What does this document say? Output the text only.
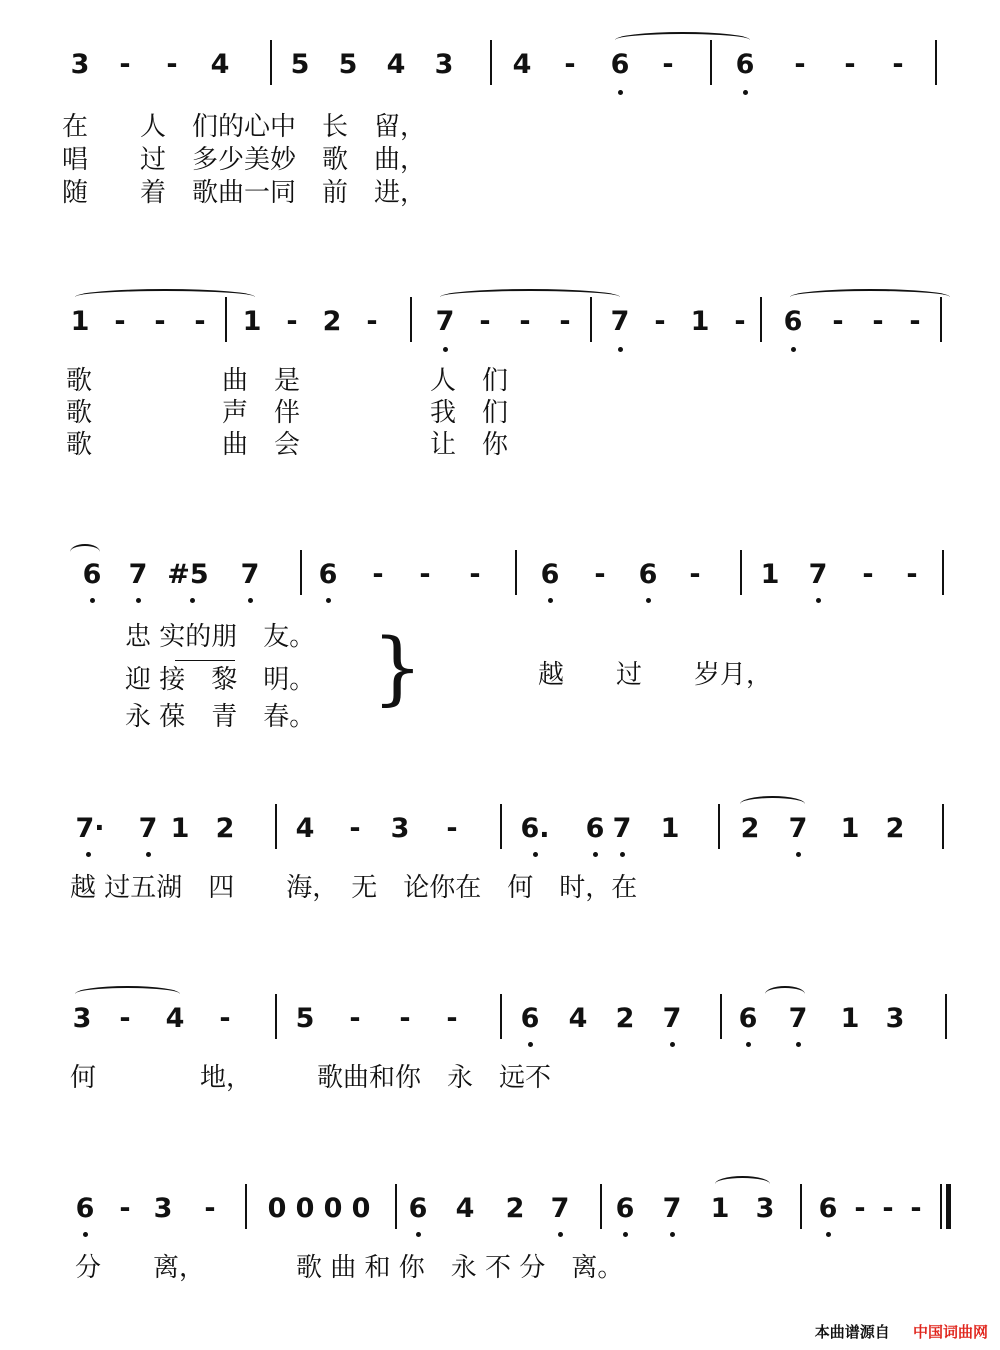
3 - - 4 5 5 4 3 4 - 6 - 6 - - -
在　　人　们的心中　长　留，
唱　　过　多少美妙　歌　曲，
随　　着　歌曲一同　前　进，
1 - - - 1 - 2 - 7 - - - 7 - 1 - 6 - - -
歌　　　　　曲　是　　　　　人　们
歌　　　　　声　伴　　　　　我　们
歌　　　　　曲　会　　　　　让　你
6 7 #5 7 6 - - - 6 - 6 - 1 7 - -
忠 实的朋　友。
迎 接　黎　明。
永 葆　青　春。
}	越　　过　　岁月，
7· 7 1 2 4 - 3 - 6. 6 7 1 2 7 1 2
越 过五湖　四　　海，　无　论你在　何　时，在
3 - 4 - 5 - - - 6 4 2 7 6 7 1 3
何　　　　地，　　　歌曲和你　永　远不
6 - 3 - 0 0 0 0 6 4 2 7 6 7 1 3 6 - - -
分　　离，　　　　歌 曲 和 你　永 不 分　离。
本曲谱源自 中国词曲网
